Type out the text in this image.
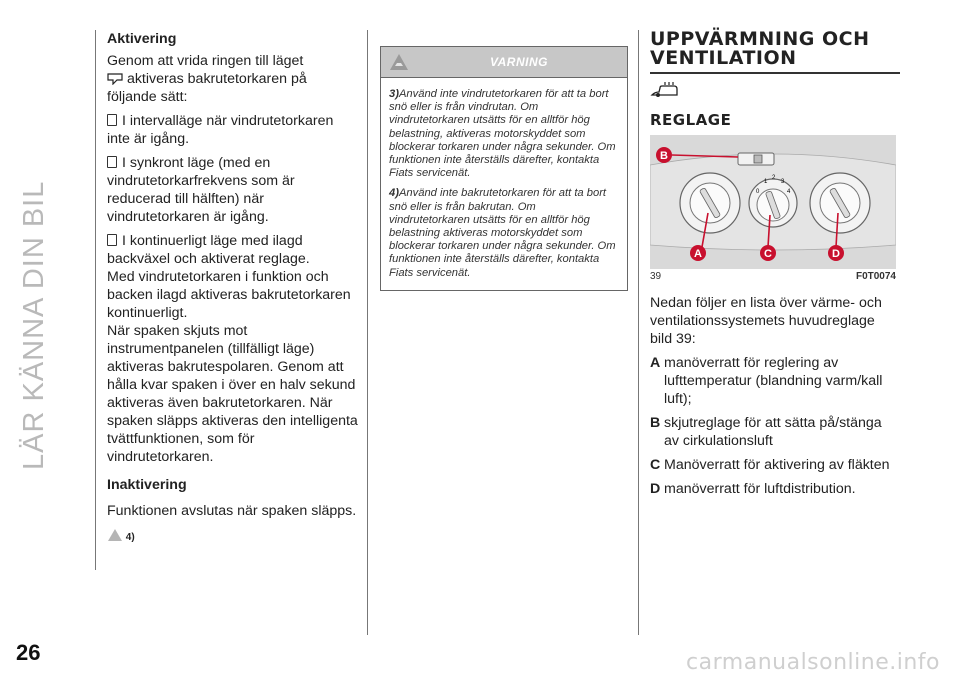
LÄR KÄNNA DIN BIL

Aktivering

Genom att vrida ringen till läget
aktiveras bakrutetorkaren på följande sätt:

I intervalläge när vindrutetorkaren inte är igång.

I synkront läge (med en vindrutetorkarfrekvens som är reducerad till hälften) när vindrutetorkaren är igång.

I kontinuerligt läge med ilagd backväxel och aktiverat reglage.

Med vindrutetorkaren i funktion och backen ilagd aktiveras bakrutetorkaren kontinuerligt.

När spaken skjuts mot instrumentpanelen (tillfälligt läge) aktiveras bakrutespolaren. Genom att hålla kvar spaken i över en halv sekund aktiveras även bakrutetorkaren. När spaken släpps aktiveras den intelligenta tvättfunktionen, som för vindrutetorkaren.

Inaktivering

Funktionen avslutas när spaken släpps.

4)

VARNING

3)Använd inte vindrutetorkaren för att ta bort snö eller is från vindrutan. Om vindrutetorkaren utsätts för en alltför hög belastning, aktiveras motorskyddet som blockerar torkaren under några sekunder. Om funktionen inte återställs därefter, kontakta Fiats servicenät.

4)Använd inte bakrutetorkaren för att ta bort snö eller is från bakrutan. Om vindrutetorkaren utsätts för en alltför hög belastning aktiveras motorskyddet som blockerar torkaren under några sekunder. Om funktionen inte återställs därefter, kontakta Fiats servicenät.

UPPVÄRMNING OCH
VENTILATION

REGLAGE

0
1
2
3
4
B
A	C	D
39	F0T0074

Nedan följer en lista över värme- och ventilationssystemets huvudreglage bild 39:

A manöverratt för reglering av lufttemperatur (blandning varm/kall luft);
B skjutreglage för att sätta på/stänga av cirkulationsluft
C Manöverratt för aktivering av fläkten
D manöverratt för luftdistribution.
26	carmanualsonline.info
